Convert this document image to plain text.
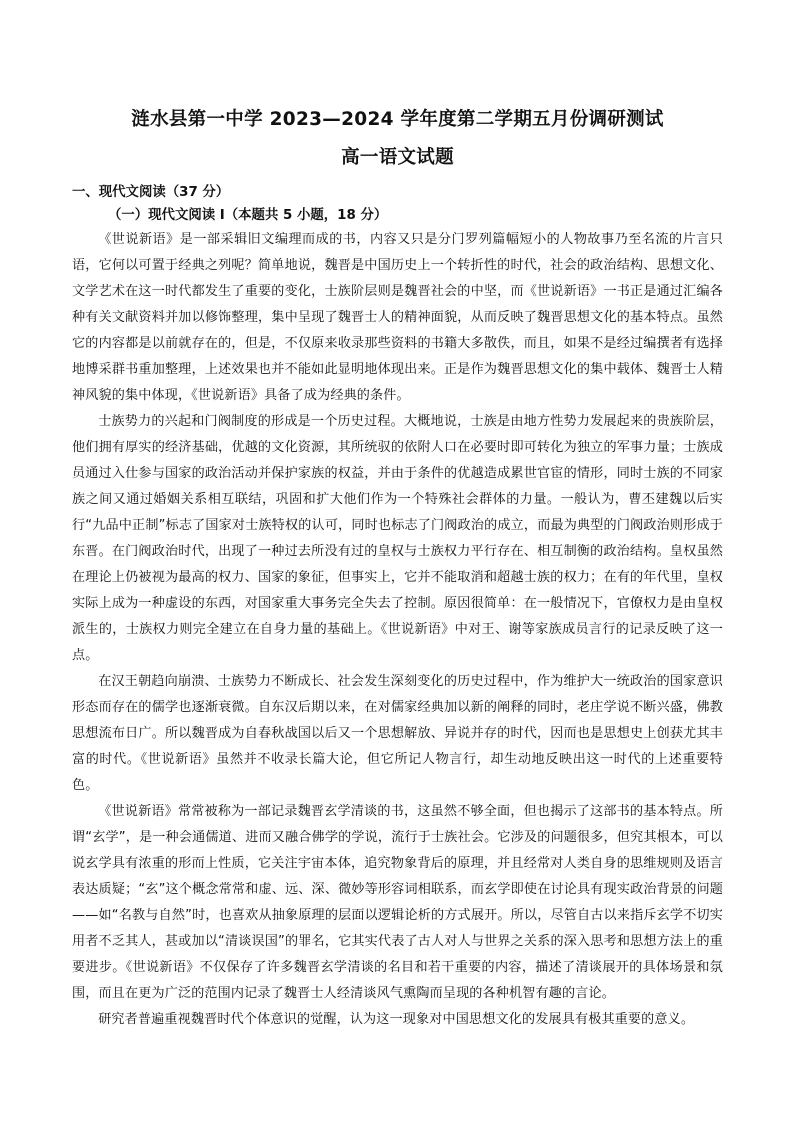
涟水县第一中学 2023—2024 学年度第二学期五月份调研测试
高一语文试题
一、现代文阅读（37 分）
（一）现代文阅读 I（本题共 5 小题，18 分）

《世说新语》是一部采辑旧文编理而成的书，内容又只是分门罗列篇幅短小的人物故事乃至名流的片言只语，它何以可置于经典之列呢？简单地说，魏晋是中国历史上一个转折性的时代，社会的政治结构、思想文化、文学艺术在这一时代都发生了重要的变化，士族阶层则是魏晋社会的中坚，而《世说新语》一书正是通过汇编各种有关文献资料并加以修饰整理，集中呈现了魏晋士人的精神面貌，从而反映了魏晋思想文化的基本特点。虽然它的内容都是以前就存在的，但是，不仅原来收录那些资料的书籍大多散佚，而且，如果不是经过编撰者有选择地博采群书重加整理，上述效果也并不能如此显明地体现出来。正是作为魏晋思想文化的集中载体、魏晋士人精神风貌的集中体现，《世说新语》具备了成为经典的条件。

士族势力的兴起和门阀制度的形成是一个历史过程。大概地说，士族是由地方性势力发展起来的贵族阶层，他们拥有厚实的经济基础，优越的文化资源，其所统驭的依附人口在必要时即可转化为独立的军事力量；士族成员通过入仕参与国家的政治活动并保护家族的权益，并由于条件的优越造成累世官宦的情形，同时士族的不同家族之间又通过婚姻关系相互联结，巩固和扩大他们作为一个特殊社会群体的力量。一般认为，曹丕建魏以后实行“九品中正制”标志了国家对士族特权的认可，同时也标志了门阀政治的成立，而最为典型的门阀政治则形成于东晋。在门阀政治时代，出现了一种过去所没有过的皇权与士族权力平行存在、相互制衡的政治结构。皇权虽然在理论上仍被视为最高的权力、国家的象征，但事实上，它并不能取消和超越士族的权力；在有的年代里，皇权实际上成为一种虚设的东西，对国家重大事务完全失去了控制。原因很简单：在一般情况下，官僚权力是由皇权派生的，士族权力则完全建立在自身力量的基础上。《世说新语》中对王、谢等家族成员言行的记录反映了这一点。

在汉王朝趋向崩溃、士族势力不断成长、社会发生深刻变化的历史过程中，作为维护大一统政治的国家意识形态而存在的儒学也逐渐衰微。自东汉后期以来，在对儒家经典加以新的阐释的同时，老庄学说不断兴盛，佛教思想流布日广。所以魏晋成为自春秋战国以后又一个思想解放、异说并存的时代，因而也是思想史上创获尤其丰富的时代。《世说新语》虽然并不收录长篇大论，但它所记人物言行，却生动地反映出这一时代的上述重要特色。

《世说新语》常常被称为一部记录魏晋玄学清谈的书，这虽然不够全面，但也揭示了这部书的基本特点。所谓“玄学”，是一种会通儒道、进而又融合佛学的学说，流行于士族社会。它涉及的问题很多，但究其根本，可以说玄学具有浓重的形而上性质，它关注宇宙本体，追究物象背后的原理，并且经常对人类自身的思维规则及语言表达质疑；“玄”这个概念常常和虚、远、深、微妙等形容词相联系，而玄学即使在讨论具有现实政治背景的问题——如“名教与自然”时，也喜欢从抽象原理的层面以逻辑论析的方式展开。所以，尽管自古以来指斥玄学不切实用者不乏其人，甚或加以“清谈误国”的罪名，它其实代表了古人对人与世界之关系的深入思考和思想方法上的重要进步。《世说新语》不仅保存了许多魏晋玄学清谈的名目和若干重要的内容，描述了清谈展开的具体场景和氛围，而且在更为广泛的范围内记录了魏晋士人经清谈风气熏陶而呈现的各种机智有趣的言论。

研究者普遍重视魏晋时代个体意识的觉醒，认为这一现象对中国思想文化的发展具有极其重要的意义。
